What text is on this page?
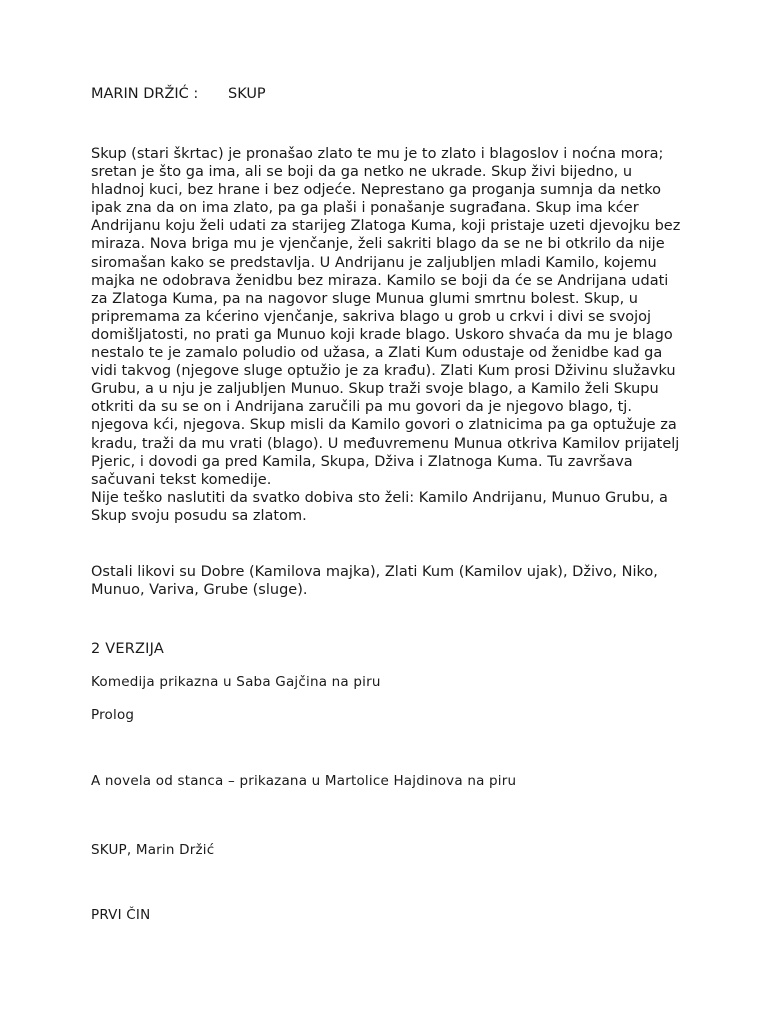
MARIN DRŽIĆ : SKUP

Skup (stari škrtac) je pronašao zlato te mu je to zlato i blagoslov i noćna mora;
sretan je što ga ima, ali se boji da ga netko ne ukrade. Skup živi bijedno, u
hladnoj kuci, bez hrane i bez odjeće. Neprestano ga proganja sumnja da netko
ipak zna da on ima zlato, pa ga plaši i ponašanje sugrađana. Skup ima kćer
Andrijanu koju želi udati za starijeg Zlatoga Kuma, koji pristaje uzeti djevojku bez
miraza. Nova briga mu je vjenčanje, želi sakriti blago da se ne bi otkrilo da nije
siromašan kako se predstavlja. U Andrijanu je zaljubljen mladi Kamilo, kojemu
majka ne odobrava ženidbu bez miraza. Kamilo se boji da će se Andrijana udati
za Zlatoga Kuma, pa na nagovor sluge Munua glumi smrtnu bolest. Skup, u
pripremama za kćerino vjenčanje, sakriva blago u grob u crkvi i divi se svojoj
domišljatosti, no prati ga Munuo koji krade blago. Uskoro shvaća da mu je blago
nestalo te je zamalo poludio od užasa, a Zlati Kum odustaje od ženidbe kad ga
vidi takvog (njegove sluge optužio je za krađu). Zlati Kum prosi Dživinu služavku
Grubu, a u nju je zaljubljen Munuo. Skup traži svoje blago, a Kamilo želi Skupu
otkriti da su se on i Andrijana zaručili pa mu govori da je njegovo blago, tj.
njegova kći, njegova. Skup misli da Kamilo govori o zlatnicima pa ga optužuje za
kradu, traži da mu vrati (blago). U međuvremenu Munua otkriva Kamilov prijatelj
Pjeric, i dovodi ga pred Kamila, Skupa, Dživa i Zlatnoga Kuma. Tu završava
sačuvani tekst komedije.
Nije teško naslutiti da svatko dobiva sto želi: Kamilo Andrijanu, Munuo Grubu, a
Skup svoju posudu sa zlatom.

Ostali likovi su Dobre (Kamilova majka), Zlati Kum (Kamilov ujak), Dživo, Niko,
Munuo, Variva, Grube (sluge).

2 VERZIJA
Komedija prikazna u Saba Gajčina na piru
Prolog
A novela od stanca – prikazana u Martolice Hajdinova na piru
SKUP, Marin Držić
PRVI ČIN
